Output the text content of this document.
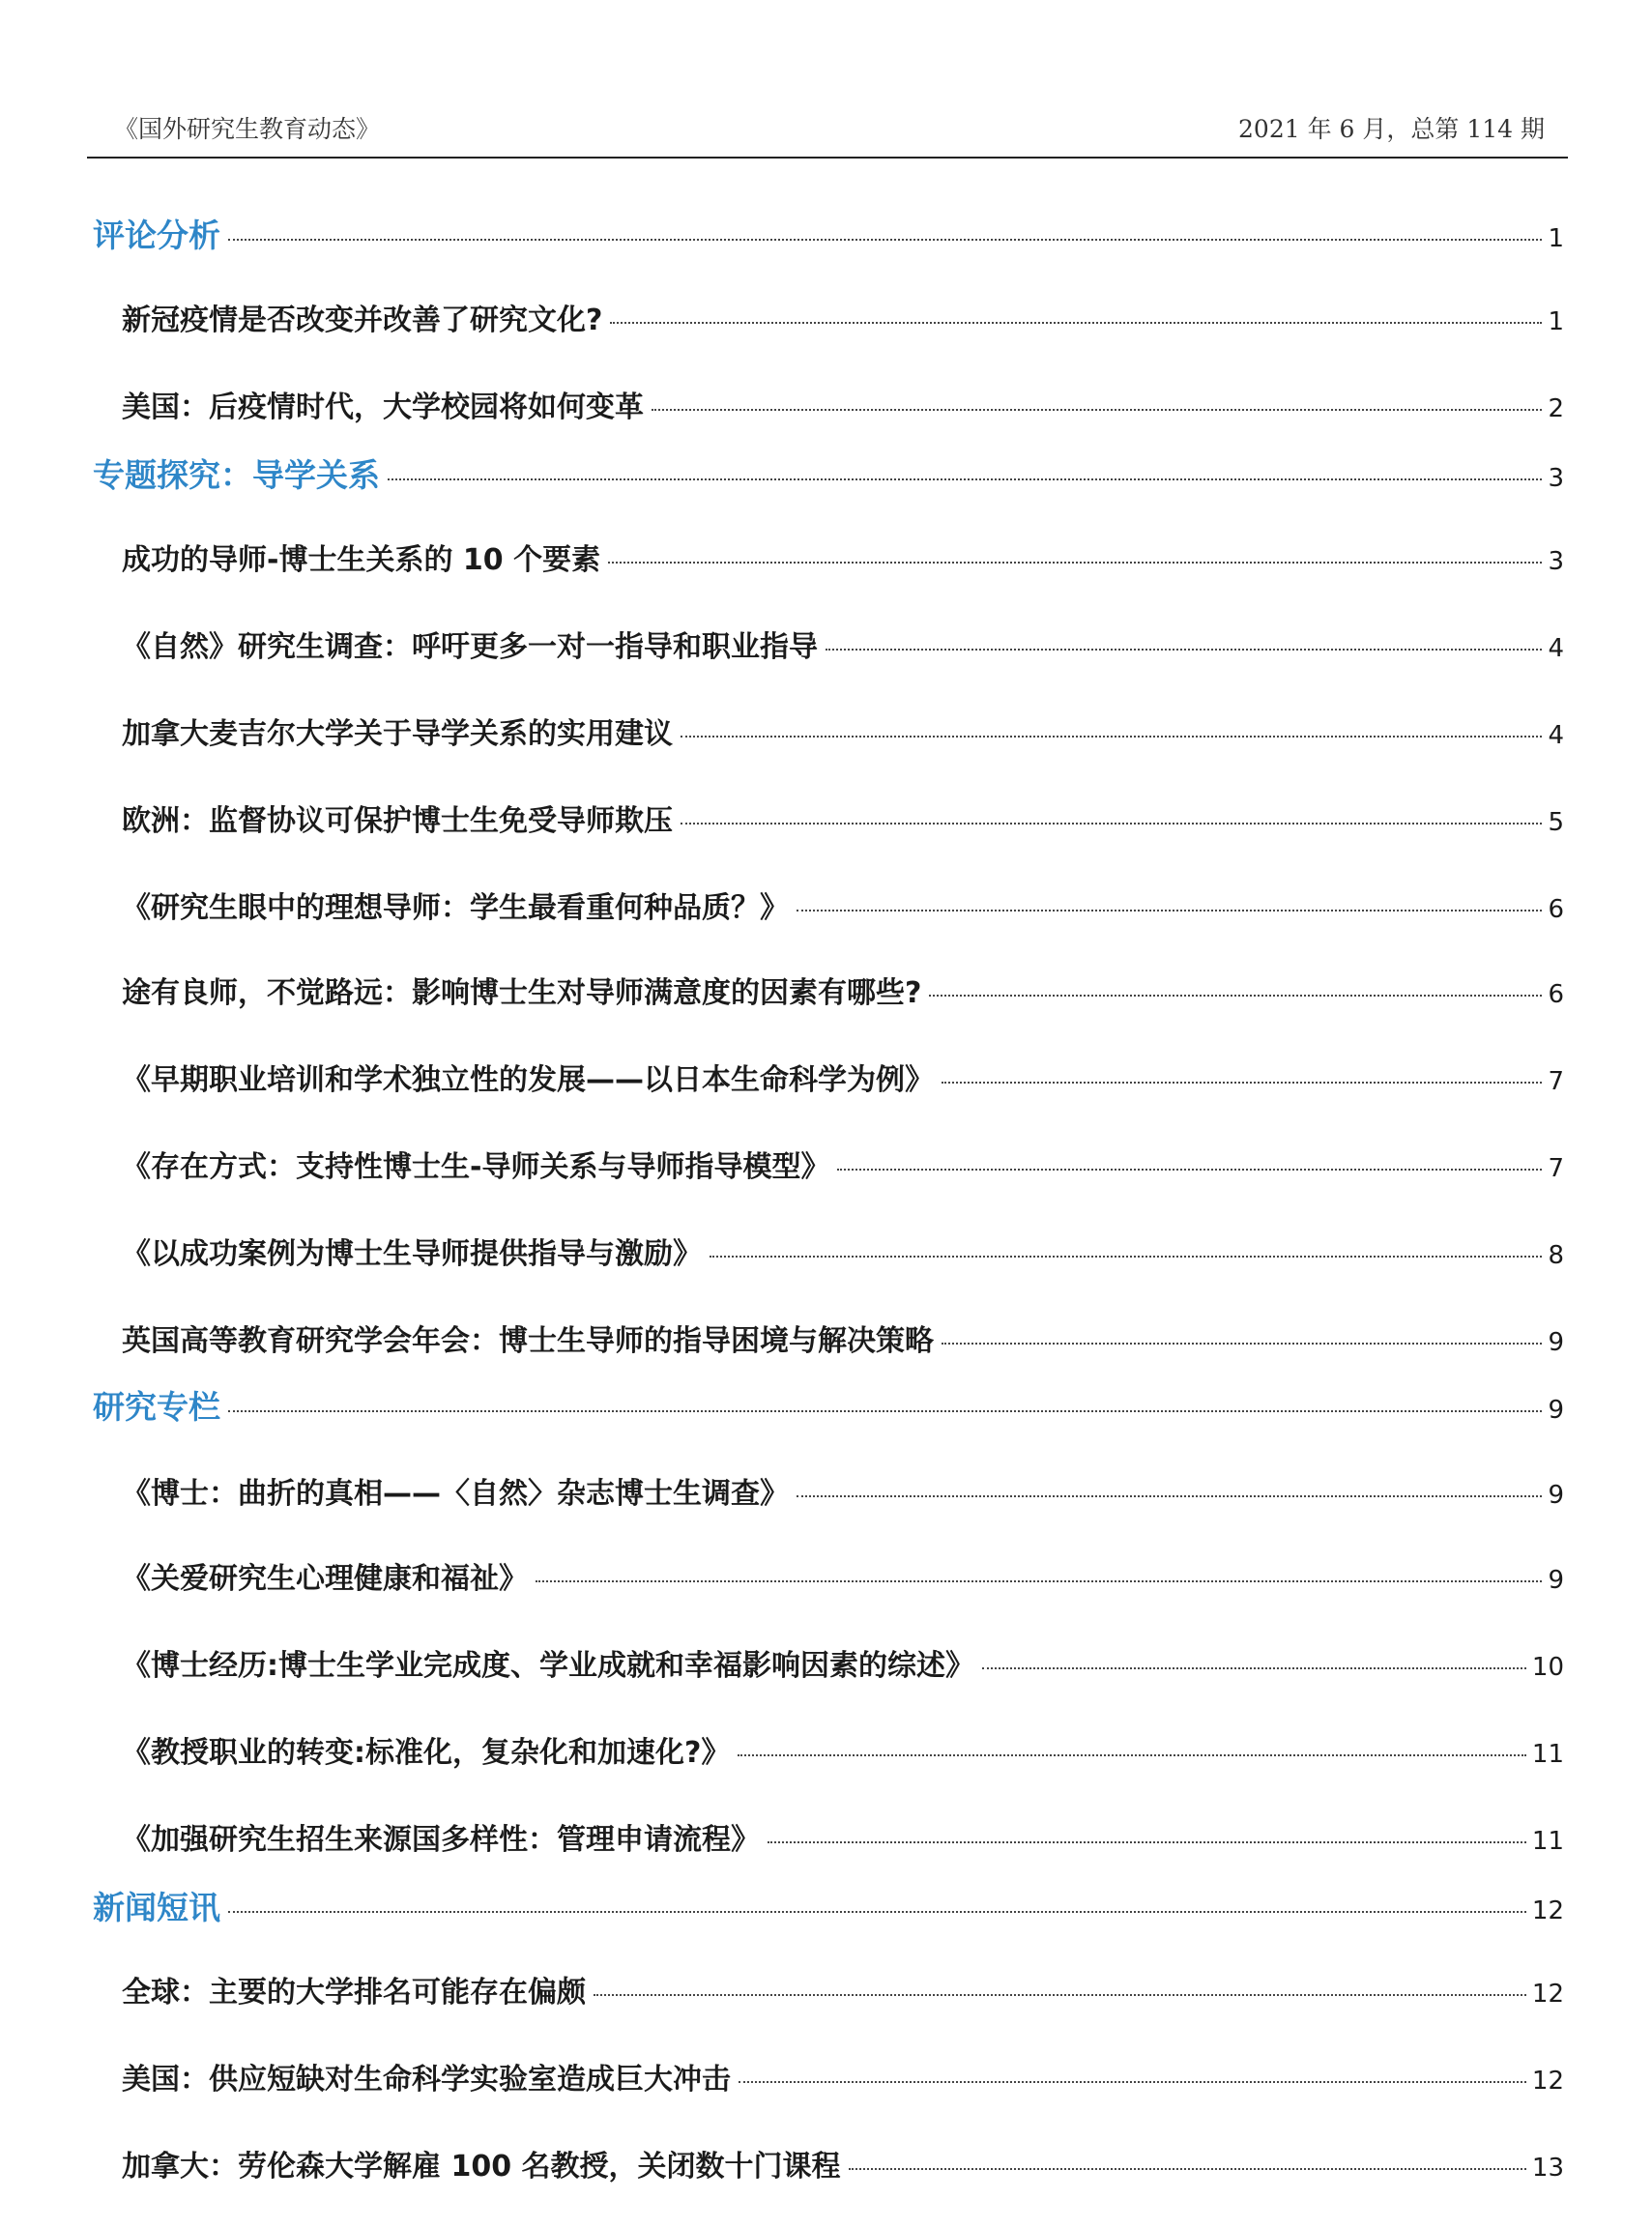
《国外研究生教育动态》	2021 年 6 月，总第 114 期
评论分析	1
新冠疫情是否改变并改善了研究文化?	1
美国：后疫情时代，大学校园将如何变革	2
专题探究：导学关系	3
成功的导师-博士生关系的 10 个要素	3
《自然》研究生调查：呼吁更多一对一指导和职业指导	4
加拿大麦吉尔大学关于导学关系的实用建议	4
欧洲：监督协议可保护博士生免受导师欺压	5
《研究生眼中的理想导师：学生最看重何种品质？》	6
途有良师，不觉路远：影响博士生对导师满意度的因素有哪些?	6
《早期职业培训和学术独立性的发展——以日本生命科学为例》	7
《存在方式：支持性博士生-导师关系与导师指导模型》	7
《以成功案例为博士生导师提供指导与激励》	8
英国高等教育研究学会年会：博士生导师的指导困境与解决策略	9
研究专栏	9
《博士：曲折的真相——〈自然〉杂志博士生调查》	9
《关爱研究生心理健康和福祉》	9
《博士经历:博士生学业完成度、学业成就和幸福影响因素的综述》	10
《教授职业的转变:标准化，复杂化和加速化?》	11
《加强研究生招生来源国多样性：管理申请流程》	11
新闻短讯	12
全球：主要的大学排名可能存在偏颇	12
美国：供应短缺对生命科学实验室造成巨大冲击	12
加拿大：劳伦森大学解雇 100 名教授，关闭数十门课程	13
